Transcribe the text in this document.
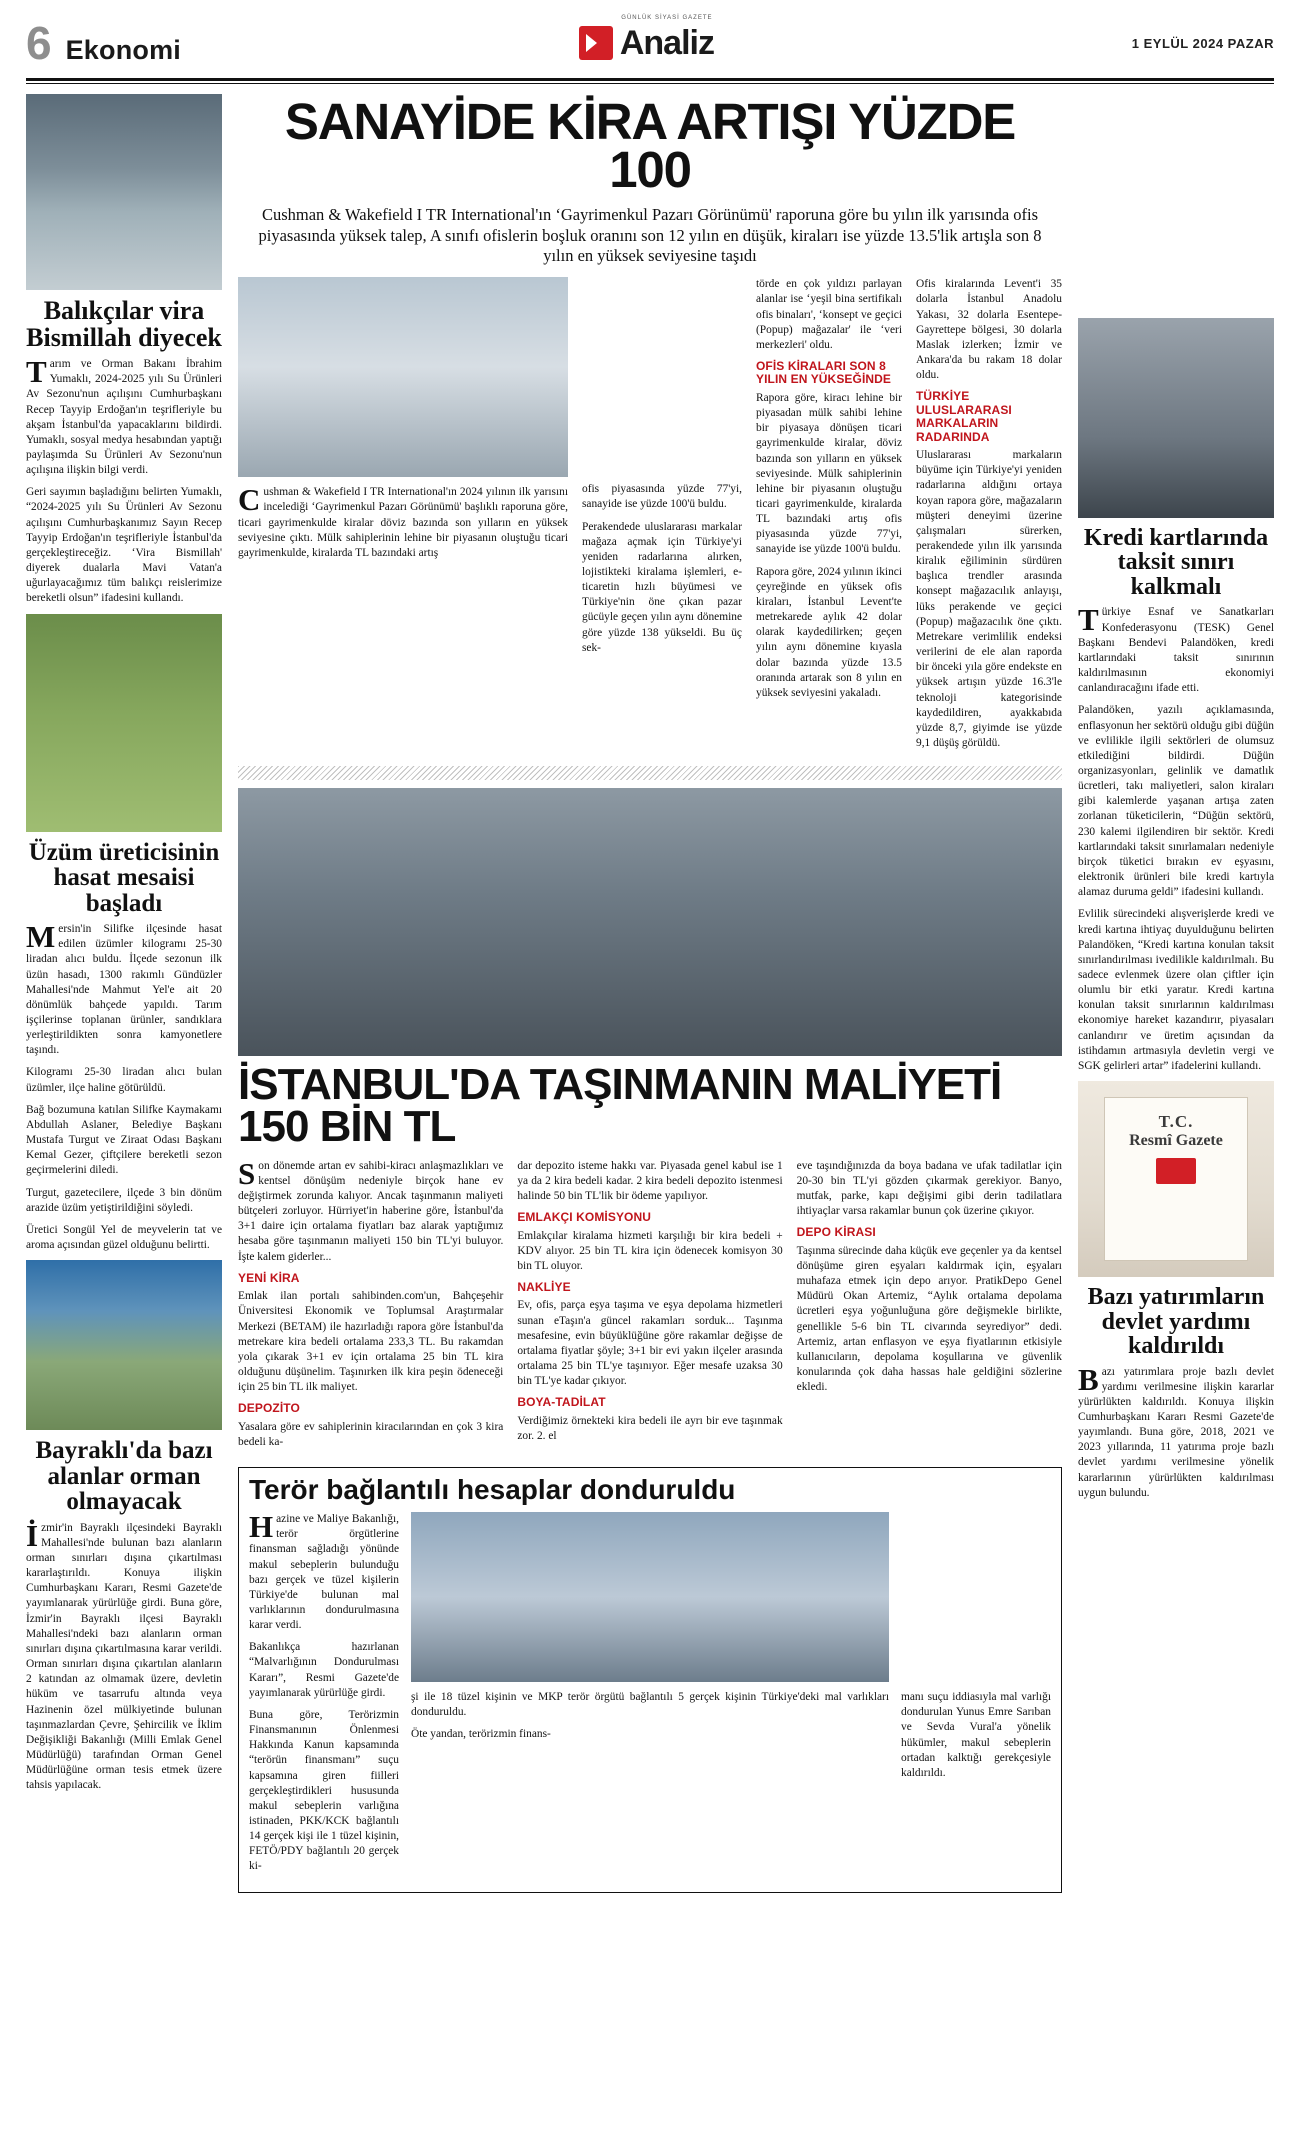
6 Ekonomi
GÜNLÜK SİYASİ GAZETE
Analiz	1 EYLÜL 2024 PAZAR
Balıkçılar vira Bismillah diyecek

Tarım ve Orman Bakanı İbrahim Yumaklı, 2024-2025 yılı Su Ürünleri Av Sezonu'nun açılışını Cumhurbaşkanı Recep Tayyip Erdoğan'ın teşrifleriyle bu akşam İstanbul'da yapacaklarını bildirdi. Yumaklı, sosyal medya hesabından yaptığı paylaşımda Su Ürünleri Av Sezonu'nun açılışına ilişkin bilgi verdi.

Geri sayımın başladığını belirten Yumaklı, “2024-2025 yılı Su Ürünleri Av Sezonu açılışını Cumhurbaşkanımız Sayın Recep Tayyip Erdoğan'ın teşrifleriyle İstanbul'da gerçekleştireceğiz. ‘Vira Bismillah' diyerek dualarla Mavi Vatan'a uğurlayacağımız tüm balıkçı reislerimize bereketli olsun” ifadesini kullandı.

Üzüm üreticisinin hasat mesaisi başladı

Mersin'in Silifke ilçesinde hasat edilen üzümler kilogramı 25-30 liradan alıcı buldu. İlçede sezonun ilk üzün hasadı, 1300 rakımlı Gündüzler Mahallesi'nde Mahmut Yel'e ait 20 dönümlük bahçede yapıldı. Tarım işçilerinse toplanan ürünler, sandıklara yerleştirildikten sonra kamyonetlere taşındı.

Kilogramı 25-30 liradan alıcı bulan üzümler, ilçe haline götürüldü.

Bağ bozumuna katılan Silifke Kaymakamı Abdullah Aslaner, Belediye Başkanı Mustafa Turgut ve Ziraat Odası Başkanı Kemal Gezer, çiftçilere bereketli sezon geçirmelerini diledi.

Turgut, gazetecilere, ilçede 3 bin dönüm arazide üzüm yetiştirildiğini söyledi.

Üretici Songül Yel de meyvelerin tat ve aroma açısından güzel olduğunu belirtti.

Bayraklı'da bazı alanlar orman olmayacak

İzmir'in Bayraklı ilçesindeki Bayraklı Mahallesi'nde bulunan bazı alanların orman sınırları dışına çıkartılması kararlaştırıldı. Konuya ilişkin Cumhurbaşkanı Kararı, Resmi Gazete'de yayımlanarak yürürlüğe girdi. Buna göre, İzmir'in Bayraklı ilçesi Bayraklı Mahallesi'ndeki bazı alanların orman sınırları dışına çıkartılmasına karar verildi. Orman sınırları dışına çıkartılan alanların 2 katından az olmamak üzere, devletin hüküm ve tasarrufu altında veya Hazinenin özel mülkiyetinde bulunan taşınmazlardan Çevre, Şehircilik ve İklim Değişikliği Bakanlığı (Milli Emlak Genel Müdürlüğü) tarafından Orman Genel Müdürlüğüne orman tesis etmek üzere tahsis yapılacak.

SANAYİDE KİRA ARTIŞI YÜZDE 100
Cushman & Wakefield I TR International'ın ‘Gayrimenkul Pazarı Görünümü' raporuna göre bu yılın ilk yarısında ofis piyasasında yüksek talep, A sınıfı ofislerin boşluk oranını son 12 yılın en düşük, kiraları ise yüzde 13.5'lik artışla son 8 yılın en yüksek seviyesine taşıdı

Cushman & Wakefield I TR International'ın 2024 yılının ilk yarısını incelediği ‘Gayrimenkul Pazarı Görünümü' başlıklı raporuna göre, ticari gayrimenkulde kiralar döviz bazında son yılların en yüksek seviyesine çıktı. Mülk sahiplerinin lehine bir piyasanın oluştuğu ticari gayrimenkulde, kiralarda TL bazındaki artış

ofis piyasasında yüzde 77'yi, sanayide ise yüzde 100'ü buldu.

Perakendede uluslararası markalar mağaza açmak için Türkiye'yi yeniden radarlarına alırken, lojistikteki kiralama işlemleri, e-ticaretin hızlı büyümesi ve Türkiye'nin öne çıkan pazar gücüyle geçen yılın aynı dönemine göre yüzde 138 yükseldi. Bu üç sek-

törde en çok yıldızı parlayan alanlar ise ‘yeşil bina sertifikalı ofis binaları', ‘konsept ve geçici (Popup) mağazalar' ile ‘veri merkezleri' oldu.

OFİS KİRALARI SON 8 YILIN EN YÜKSEĞİNDE

Rapora göre, kiracı lehine bir piyasadan mülk sahibi lehine bir piyasaya dönüşen ticari gayrimenkulde kiralar, döviz bazında son yılların en yüksek seviyesinde. Mülk sahiplerinin lehine bir piyasanın oluştuğu ticari gayrimenkulde, kiralarda TL bazındaki artış ofis piyasasında yüzde 77'yi, sanayide ise yüzde 100'ü buldu.

Rapora göre, 2024 yılının ikinci çeyreğinde en yüksek ofis kiraları, İstanbul Levent'te metrekarede aylık 42 dolar olarak kaydedilirken; geçen yılın aynı dönemine kıyasla dolar bazında yüzde 13.5 oranında artarak son 8 yılın en yüksek seviyesini yakaladı.

Ofis kiralarında Levent'i 35 dolarla İstanbul Anadolu Yakası, 32 dolarla Esentepe-Gayrettepe bölgesi, 30 dolarla Maslak izlerken; İzmir ve Ankara'da bu rakam 18 dolar oldu.

TÜRKİYE ULUSLARARASI MARKALARIN RADARINDA

Uluslararası markaların büyüme için Türkiye'yi yeniden radarlarına aldığını ortaya koyan rapora göre, mağazaların müşteri deneyimi üzerine çalışmaları sürerken, perakendede yılın ilk yarısında kiralık eğiliminin sürdüren başlıca trendler arasında konsept mağazacılık anlayışı, lüks perakende ve geçici (Popup) mağazacılık öne çıktı. Metrekare verimlilik endeksi verilerini de ele alan raporda bir önceki yıla göre endekste en yüksek artışın yüzde 16.3'le teknoloji kategorisinde kaydedildiren, ayakkabıda yüzde 8,7, giyimde ise yüzde 9,1 düşüş görüldü.

İSTANBUL'DA TAŞINMANIN MALİYETİ 150 BİN TL

Son dönemde artan ev sahibi-kiracı anlaşmazlıkları ve kentsel dönüşüm nedeniyle birçok hane ev değiştirmek zorunda kalıyor. Ancak taşınmanın maliyeti bütçeleri zorluyor. Hürriyet'in haberine göre, İstanbul'da 3+1 daire için ortalama fiyatları baz alarak yaptığımız hesaba göre taşınmanın maliyeti 150 bin TL'yi buluyor. İşte kalem giderler...

YENİ KİRA

Emlak ilan portalı sahibinden.com'un, Bahçeşehir Üniversitesi Ekonomik ve Toplumsal Araştırmalar Merkezi (BETAM) ile hazırladığı rapora göre İstanbul'da metrekare kira bedeli ortalama 233,3 TL. Bu rakamdan yola çıkarak 3+1 ev için ortalama 25 bin TL kira olduğunu düşünelim. Taşınırken ilk kira peşin ödeneceği için 25 bin TL ilk maliyet.

DEPOZİTO

Yasalara göre ev sahiplerinin kiracılarından en çok 3 kira bedeli ka-

dar depozito isteme hakkı var. Piyasada genel kabul ise 1 ya da 2 kira bedeli kadar. 2 kira bedeli depozito istenmesi halinde 50 bin TL'lik bir ödeme yapılıyor.

EMLAKÇI KOMİSYONU

Emlakçılar kiralama hizmeti karşılığı bir kira bedeli + KDV alıyor. 25 bin TL kira için ödenecek komisyon 30 bin TL oluyor.

NAKLİYE

Ev, ofis, parça eşya taşıma ve eşya depolama hizmetleri sunan eTaşın'a güncel rakamları sorduk... Taşınma mesafesine, evin büyüklüğüne göre rakamlar değişse de ortalama fiyatlar şöyle; 3+1 bir evi yakın ilçeler arasında ortalama 25 bin TL'ye taşınıyor. Eğer mesafe uzaksa 30 bin TL'ye kadar çıkıyor.

BOYA-TADİLAT

Verdiğimiz örnekteki kira bedeli ile ayrı bir eve taşınmak zor. 2. el

eve taşındığınızda da boya badana ve ufak tadilatlar için 20-30 bin TL'yi gözden çıkarmak gerekiyor. Banyo, mutfak, parke, kapı değişimi gibi derin tadilatlara ihtiyaçlar varsa rakamlar bunun çok üzerine çıkıyor.

DEPO KİRASI

Taşınma sürecinde daha küçük eve geçenler ya da kentsel dönüşüme giren eşyaları kaldırmak için, eşyaları muhafaza etmek için depo arıyor. PratikDepo Genel Müdürü Okan Artemiz, “Aylık ortalama depolama ücretleri eşya yoğunluğuna göre değişmekle birlikte, genellikle 5-6 bin TL civarında seyrediyor” dedi. Artemiz, artan enflasyon ve eşya fiyatlarının etkisiyle kullanıcıların, depolama koşullarına ve güvenlik konularında çok daha hassas hale geldiğini sözlerine ekledi.

Terör bağlantılı hesaplar donduruldu

Hazine ve Maliye Bakanlığı, terör örgütlerine finansman sağladığı yönünde makul sebeplerin bulunduğu bazı gerçek ve tüzel kişilerin Türkiye'de bulunan mal varlıklarının dondurulmasına karar verdi.

Bakanlıkça hazırlanan “Malvarlığının Dondurulması Kararı”, Resmi Gazete'de yayımlanarak yürürlüğe girdi.

Buna göre, Terörizmin Finansmanının Önlenmesi Hakkında Kanun kapsamında “terörün finansmanı” suçu kapsamına giren fiilleri gerçekleştirdikleri hususunda makul sebeplerin varlığına istinaden, PKK/KCK bağlantılı 14 gerçek kişi ile 1 tüzel kişinin, FETÖ/PDY bağlantılı 20 gerçek ki-

şi ile 18 tüzel kişinin ve MKP terör örgütü bağlantılı 5 gerçek kişinin Türkiye'deki mal varlıkları donduruldu.

Öte yandan, terörizmin finans-

manı suçu iddiasıyla mal varlığı dondurulan Yunus Emre Sarıban ve Sevda Vural'a yönelik hükümler, makul sebeplerin ortadan kalktığı gerekçesiyle kaldırıldı.

Kredi kartlarında taksit sınırı kalkmalı

Türkiye Esnaf ve Sanatkarları Konfederasyonu (TESK) Genel Başkanı Bendevi Palandöken, kredi kartlarındaki taksit sınırının kaldırılmasının ekonomiyi canlandıracağını ifade etti.

Palandöken, yazılı açıklamasında, enflasyonun her sektörü olduğu gibi düğün ve evlilikle ilgili sektörleri de olumsuz etkilediğini bildirdi. Düğün organizasyonları, gelinlik ve damatlık ücretleri, takı maliyetleri, salon kiraları gibi kalemlerde yaşanan artışa zaten zorlanan tüketicilerin, “Düğün sektörü, 230 kalemi ilgilendiren bir sektör. Kredi kartlarındaki taksit sınırlamaları nedeniyle birçok tüketici bırakın ev eşyasını, elektronik ürünleri bile kredi kartıyla alamaz duruma geldi” ifadesini kullandı.

Evlilik sürecindeki alışverişlerde kredi ve kredi kartına ihtiyaç duyulduğunu belirten Palandöken, “Kredi kartına konulan taksit sınırlandırılması ivedilikle kaldırılmalı. Bu sadece evlenmek üzere olan çiftler için olumlu bir etki yaratır. Kredi kartına konulan taksit sınırlarının kaldırılması ekonomiye hareket kazandırır, piyasaları canlandırır ve üretim açısından da istihdamın artmasıyla devletin vergi ve SGK gelirleri artar” ifadelerini kullandı.

T.C.
Resmî Gazete
Bazı yatırımların devlet yardımı kaldırıldı

Bazı yatırımlara proje bazlı devlet yardımı verilmesine ilişkin kararlar yürürlükten kaldırıldı. Konuya ilişkin Cumhurbaşkanı Kararı Resmi Gazete'de yayımlandı. Buna göre, 2018, 2021 ve 2023 yıllarında, 11 yatırıma proje bazlı devlet yardımı verilmesine yönelik kararlarının yürürlükten kaldırılması uygun bulundu.
